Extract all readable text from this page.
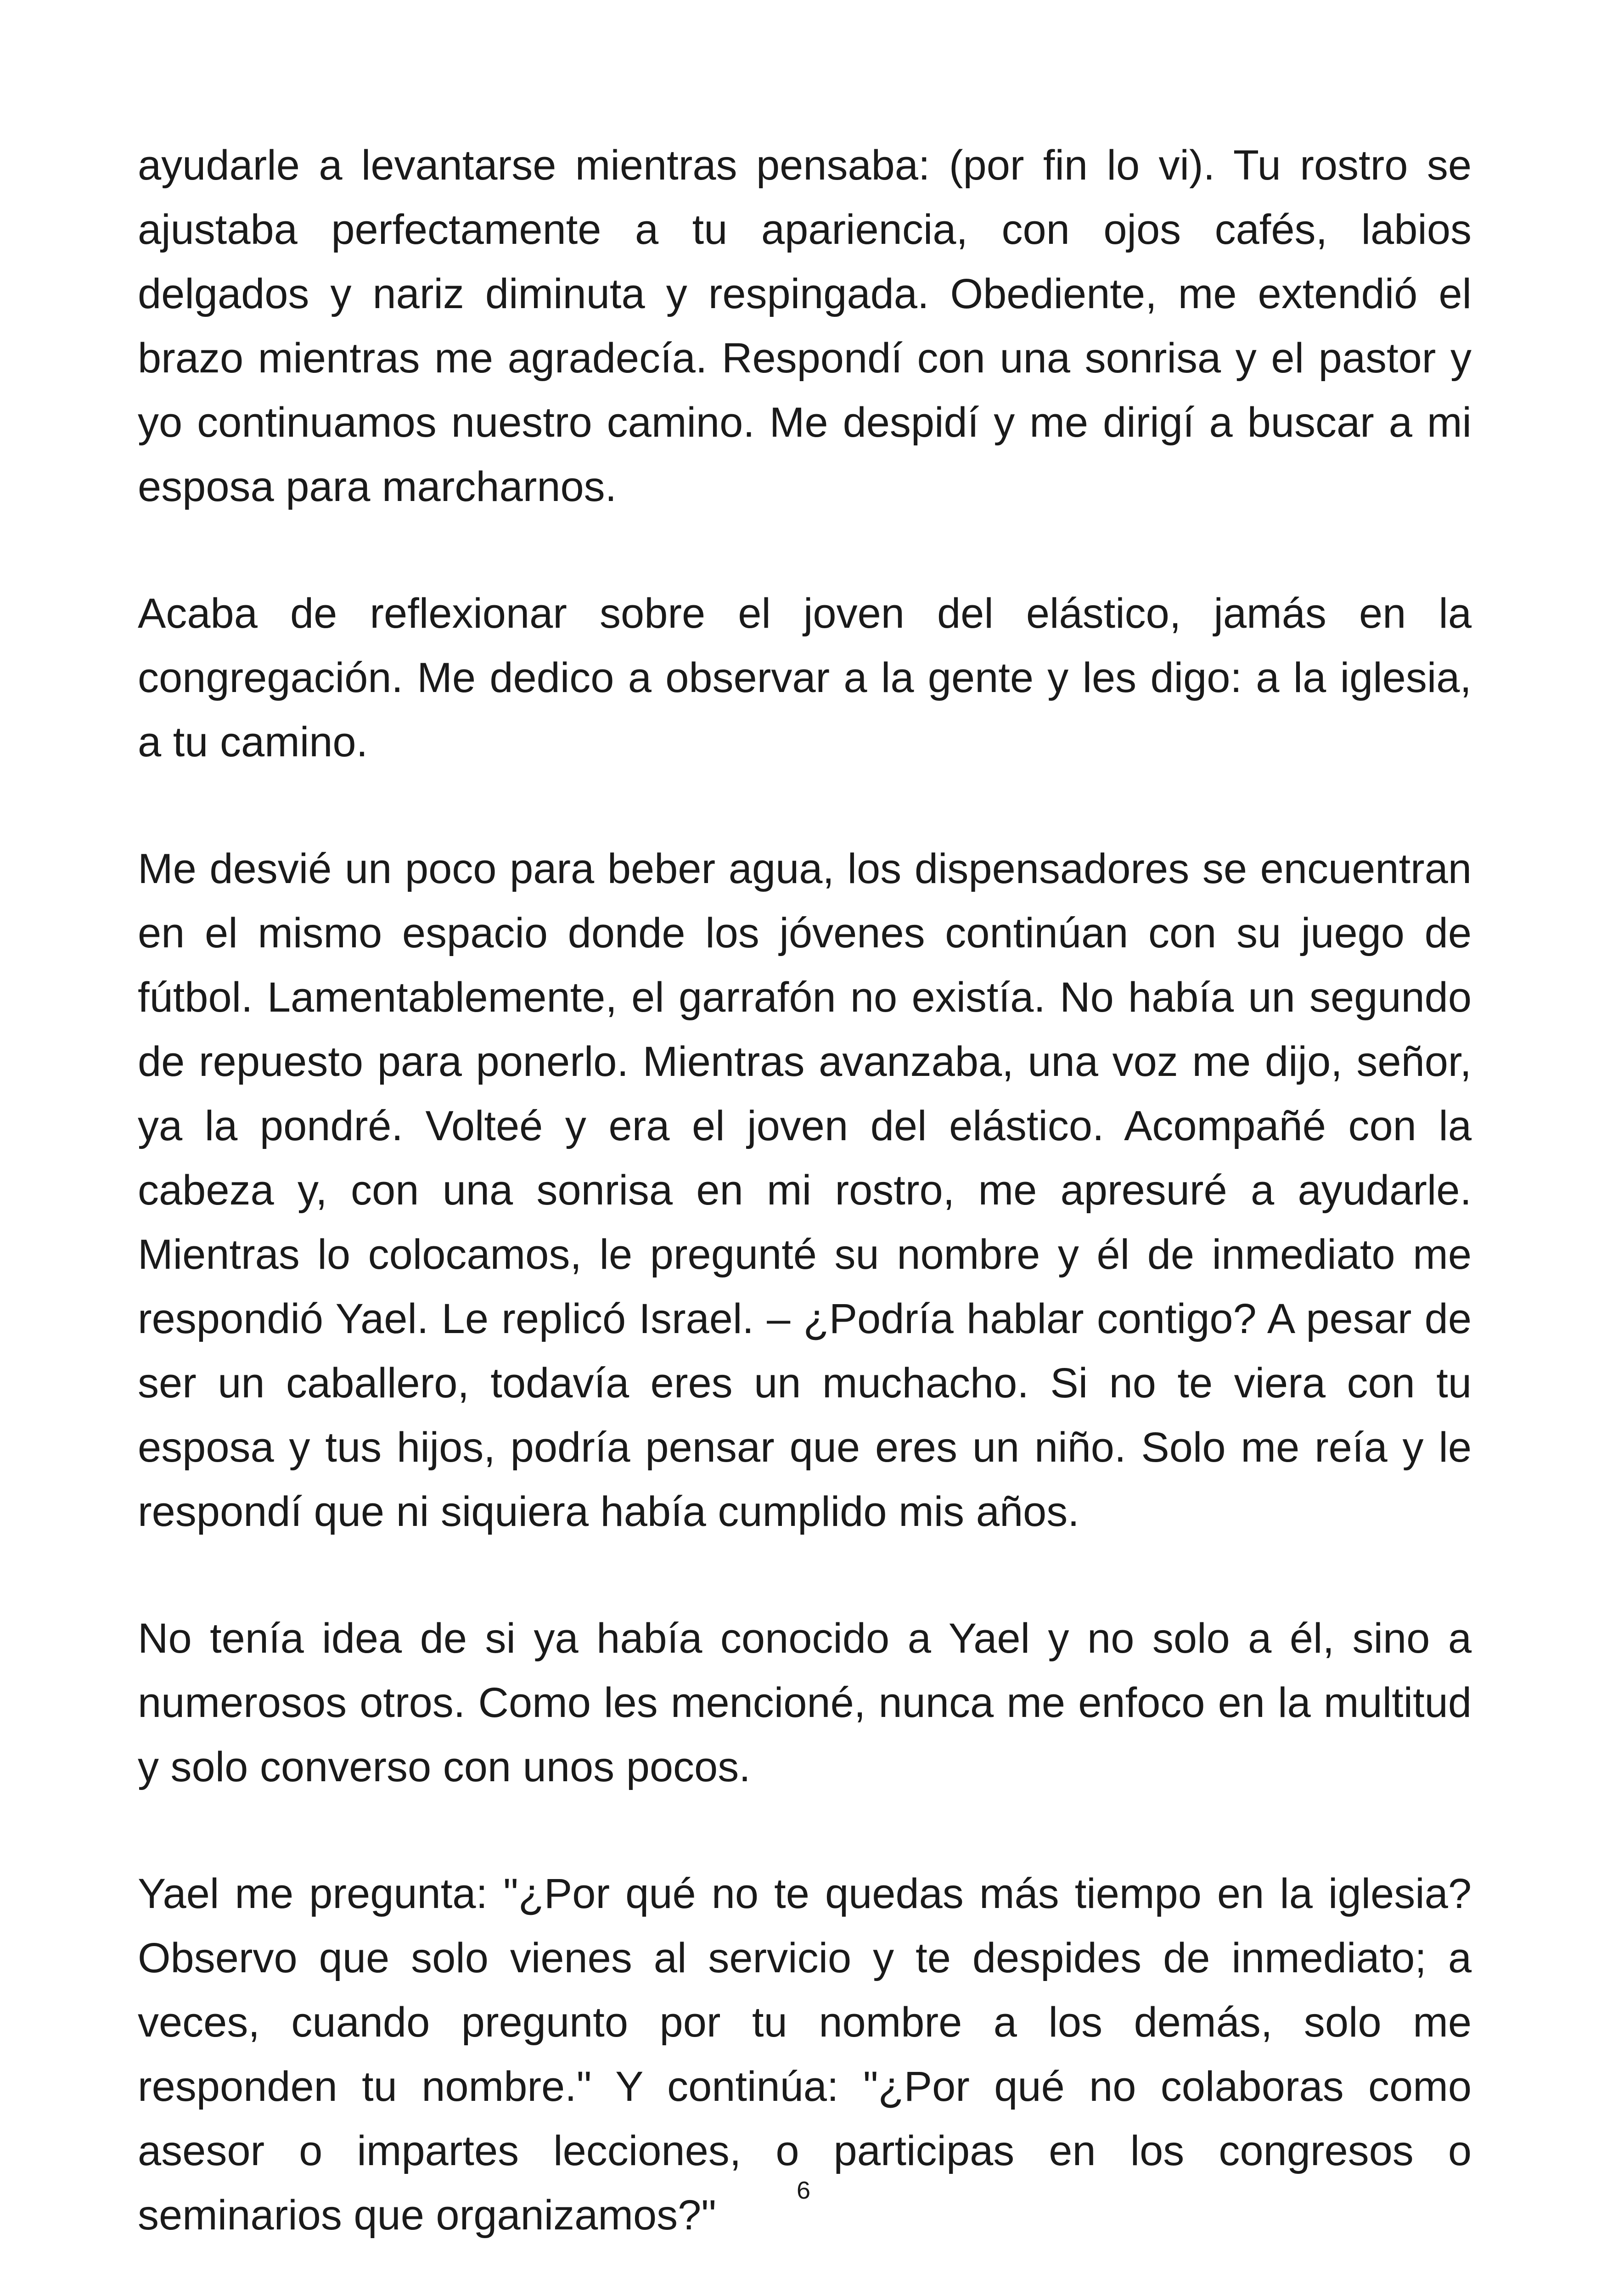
ayudarle a levantarse mientras pensaba: (por fin lo vi). Tu rostro se ajustaba perfectamente a tu apariencia, con ojos cafés, labios delgados y nariz diminuta y respingada. Obediente, me extendió el brazo mientras me agradecía. Respondí con una sonrisa y el pastor y yo continuamos nuestro camino. Me despidí y me dirigí a buscar a mi esposa para marcharnos.

Acaba de reflexionar sobre el joven del elástico, jamás en la congregación. Me dedico a observar a la gente y les digo: a la iglesia, a tu camino.

Me desvié un poco para beber agua, los dispensadores se encuentran en el mismo espacio donde los jóvenes continúan con su juego de fútbol. Lamentablemente, el garrafón no existía. No había un segundo de repuesto para ponerlo. Mientras avanzaba, una voz me dijo, señor, ya la pondré. Volteé y era el joven del elástico. Acompañé con la cabeza y, con una sonrisa en mi rostro, me apresuré a ayudarle. Mientras lo colocamos, le pregunté su nombre y él de inmediato me respondió Yael. Le replicó Israel. – ¿Podría hablar contigo? A pesar de ser un caballero, todavía eres un muchacho. Si no te viera con tu esposa y tus hijos, podría pensar que eres un niño. Solo me reía y le respondí que ni siquiera había cumplido mis años.

No tenía idea de si ya había conocido a Yael y no solo a él, sino a numerosos otros. Como les mencioné, nunca me enfoco en la multitud y solo converso con unos pocos.

Yael me pregunta: "¿Por qué no te quedas más tiempo en la iglesia? Observo que solo vienes al servicio y te despides de inmediato; a veces, cuando pregunto por tu nombre a los demás, solo me responden tu nombre." Y continúa: "¿Por qué no colaboras como asesor o impartes lecciones, o participas en los congresos o seminarios que organizamos?"

6
